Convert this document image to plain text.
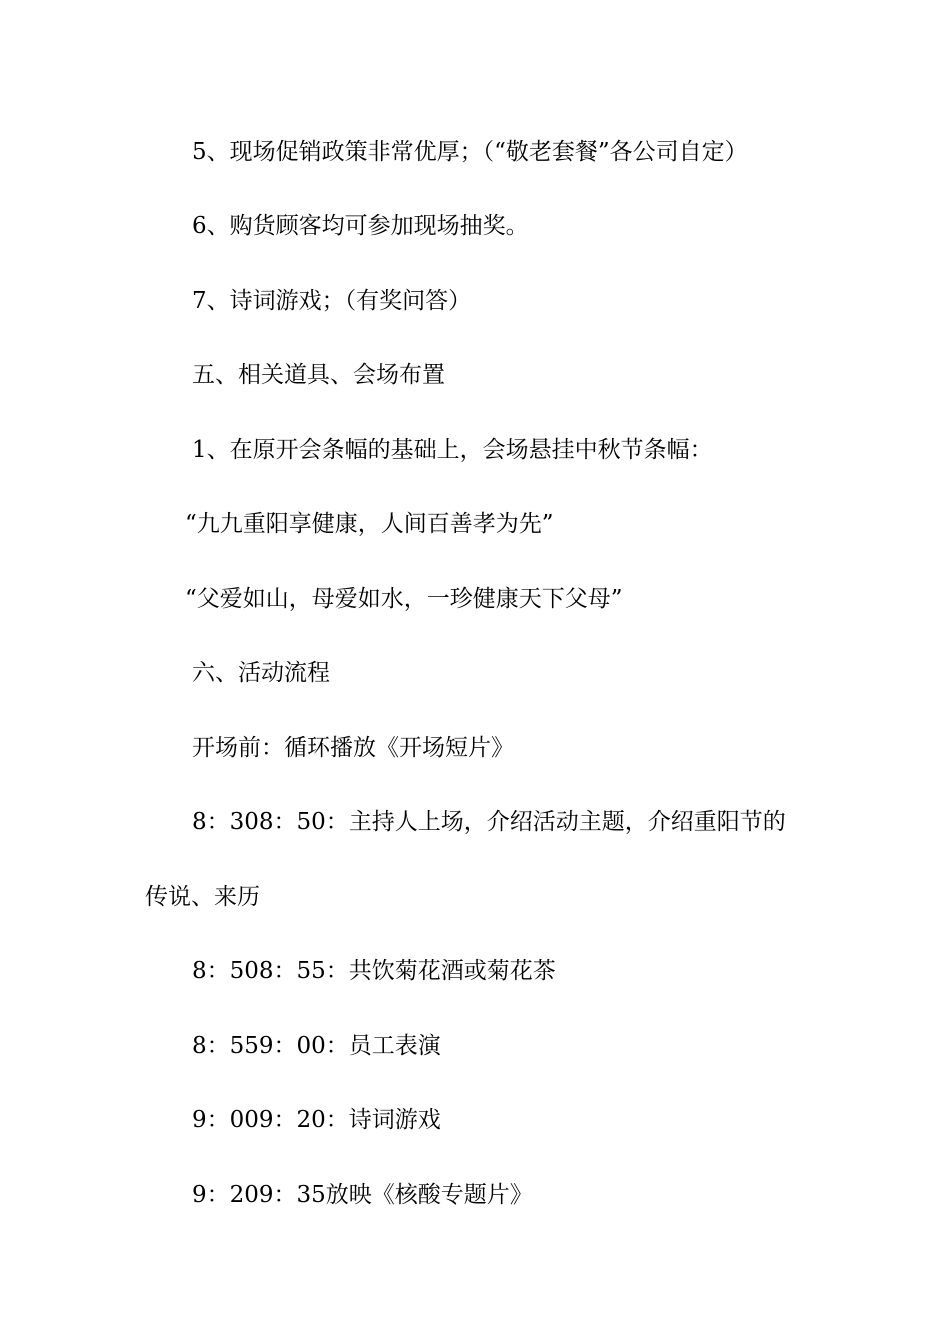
5、现场促销政策非常优厚；（“敬老套餐”各公司自定）
6、购货顾客均可参加现场抽奖。
7、诗词游戏；（有奖问答）
五、相关道具、会场布置
1、在原开会条幅的基础上，会场悬挂中秋节条幅：
“九九重阳享健康，人间百善孝为先”
“父爱如山，母爱如水，一珍健康天下父母”
六、活动流程
开场前：循环播放《开场短片》
8：308：50：主持人上场，介绍活动主题，介绍重阳节的
传说、来历
8：508：55：共饮菊花酒或菊花茶
8：559：00：员工表演
9：009：20：诗词游戏
9：209：35放映《核酸专题片》
